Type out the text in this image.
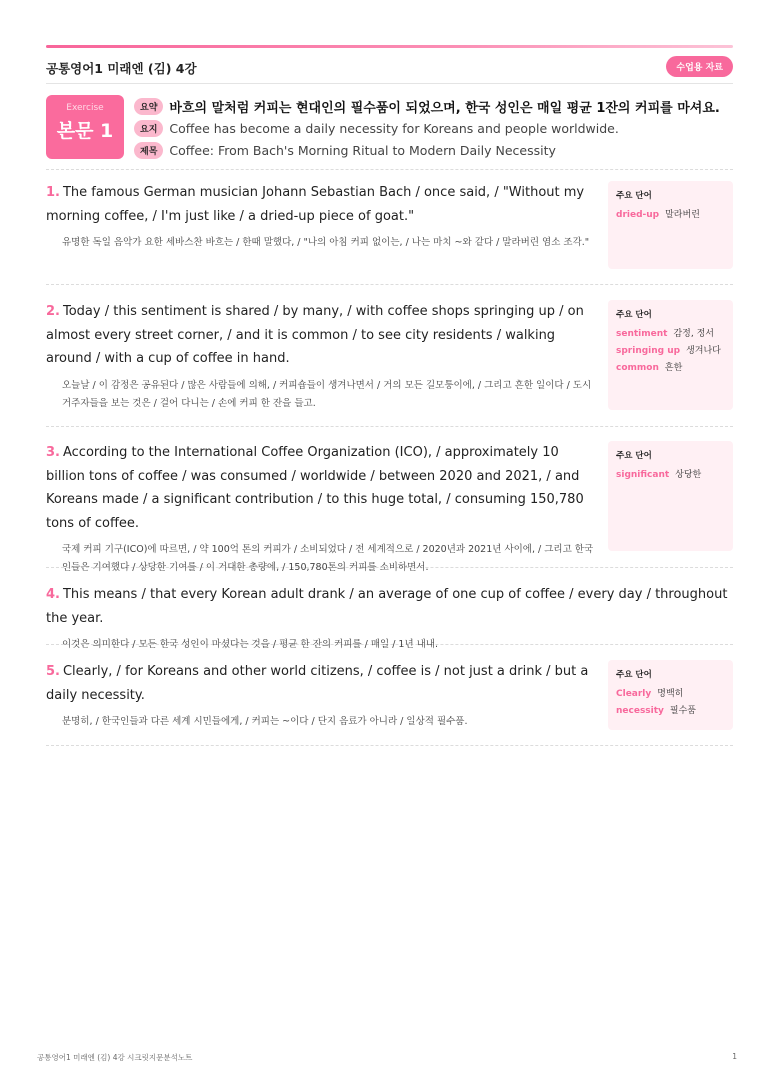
공통영어1 미래엔 (김) 4강	수업용 자료
Exercise
본문 1
요약 바흐의 말처럼 커피는 현대인의 필수품이 되었으며, 한국 성인은 매일 평균 1잔의 커피를 마셔요.
요지 Coffee has become a daily necessity for Koreans and people worldwide.
제목 Coffee: From Bach's Morning Ritual to Modern Daily Necessity
1. The famous German musician Johann Sebastian Bach / once said, / "Without my morning coffee, / I'm just like / a dried-up piece of goat."
유명한 독일 음악가 요한 세바스찬 바흐는 / 한때 말했다, / "나의 아침 커피 없이는, / 나는 마치 ~와 같다 / 말라버린 염소 조각."
주요 단어
dried-up 말라버린
2. Today / this sentiment is shared / by many, / with coffee shops springing up / on almost every street corner, / and it is common / to see city residents / walking around / with a cup of coffee in hand.
오늘날 / 이 감정은 공유된다 / 많은 사람들에 의해, / 커피숍들이 생겨나면서 / 거의 모든 길모퉁이에, / 그리고 흔한 일이다 / 도시 거주자들을 보는 것은 / 걸어 다니는 / 손에 커피 한 잔을 들고.
주요 단어
sentiment 감정, 정서
springing up 생겨나다
common 흔한
3. According to the International Coffee Organization (ICO), / approximately 10 billion tons of coffee / was consumed / worldwide / between 2020 and 2021, / and Koreans made / a significant contribution / to this huge total, / consuming 150,780 tons of coffee.
국제 커피 기구(ICO)에 따르면, / 약 100억 톤의 커피가 / 소비되었다 / 전 세계적으로 / 2020년과 2021년 사이에, / 그리고 한국인들은 기여했다 / 상당한 기여를 / 이 거대한 총량에, / 150,780톤의 커피를 소비하면서.
주요 단어
significant 상당한
4. This means / that every Korean adult drank / an average of one cup of coffee / every day / throughout the year.
이것은 의미한다 / 모든 한국 성인이 마셨다는 것을 / 평균 한 잔의 커피를 / 매일 / 1년 내내.
5. Clearly, / for Koreans and other world citizens, / coffee is / not just a drink / but a daily necessity.
분명히, / 한국인들과 다른 세계 시민들에게, / 커피는 ~이다 / 단지 음료가 아니라 / 일상적 필수품.
주요 단어
Clearly 명백히
necessity 필수품
공통영어1 미래엔 (김) 4강 시크릿지문분석노트	1
